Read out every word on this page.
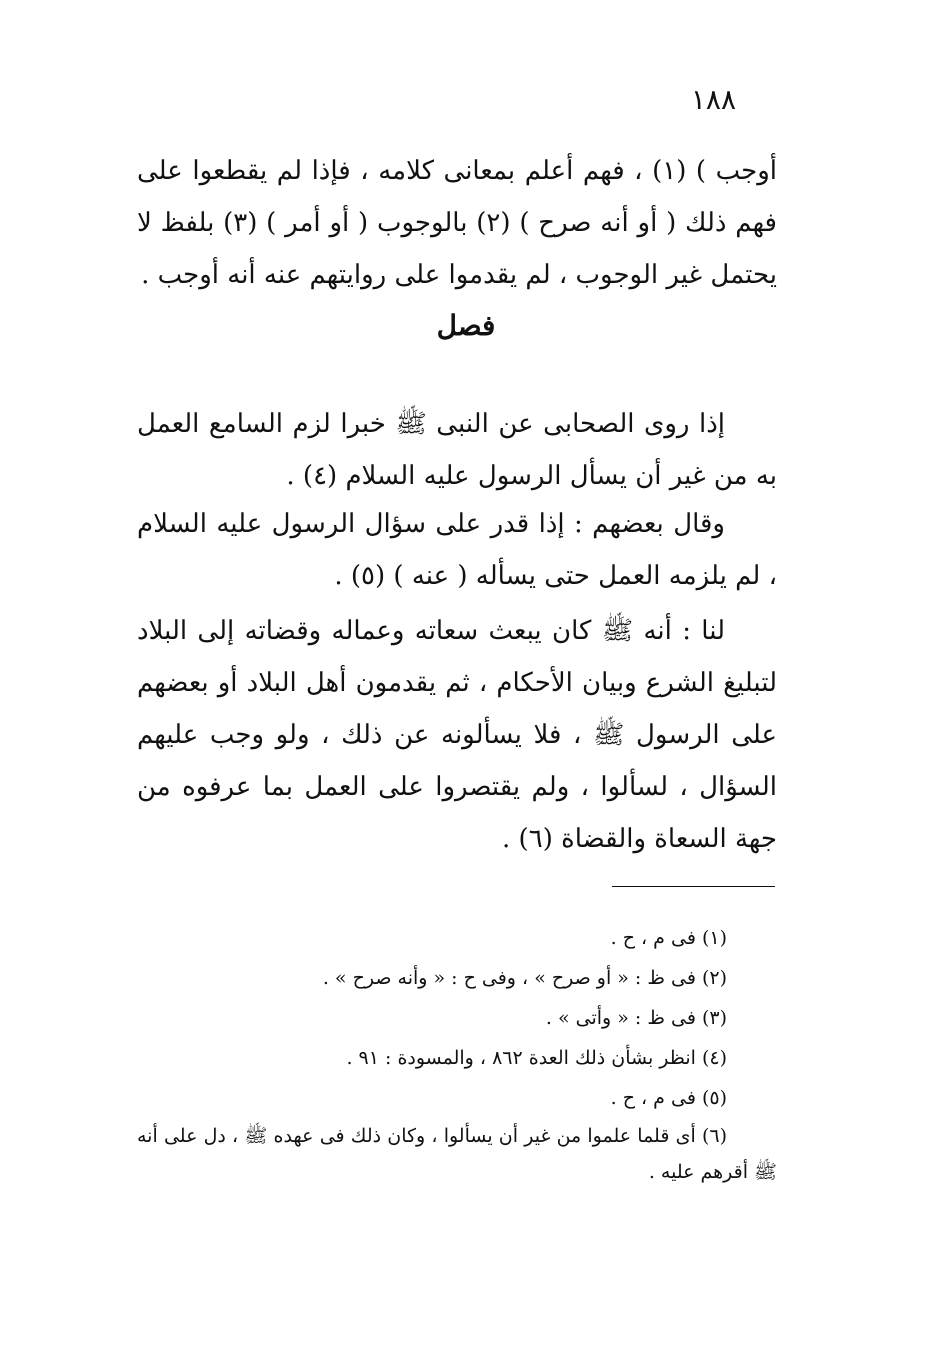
١٨٨

أوجب ) (١) ، فهم أعلم بمعانى كلامه ، فإذا لم يقطعوا على فهم ذلك ( أو أنه صرح ) (٢) بالوجوب ( أو أمر ) (٣) بلفظ لا يحتمل غير الوجوب ، لم يقدموا على روايتهم عنه أنه أوجب .

فصل

إذا روى الصحابى عن النبى ﷺ خبرا لزم السامع العمل به من غير أن يسأل الرسول عليه السلام (٤) .

وقال بعضهم : إذا قدر على سؤال الرسول عليه السلام ، لم يلزمه العمل حتى يسأله ( عنه ) (٥) .

لنا : أنه ﷺ كان يبعث سعاته وعماله وقضاته إلى البلاد لتبليغ الشرع وبيان الأحكام ، ثم يقدمون أهل البلاد أو بعضهم على الرسول ﷺ ، فلا يسألونه عن ذلك ، ولو وجب عليهم السؤال ، لسألوا ، ولم يقتصروا على العمل بما عرفوه من جهة السعاة والقضاة (٦) .

(١) فى م ، ح .

(٢) فى ظ : « أو صرح » ، وفى ح : « وأنه صرح » .

(٣) فى ظ : « وأتى » .

(٤) انظر بشأن ذلك العدة ٨٦٢ ، والمسودة : ٩١ .

(٥) فى م ، ح .

(٦) أى قلما علموا من غير أن يسألوا ، وكان ذلك فى عهده ﷺ ، دل على أنه ﷺ أقرهم عليه .
